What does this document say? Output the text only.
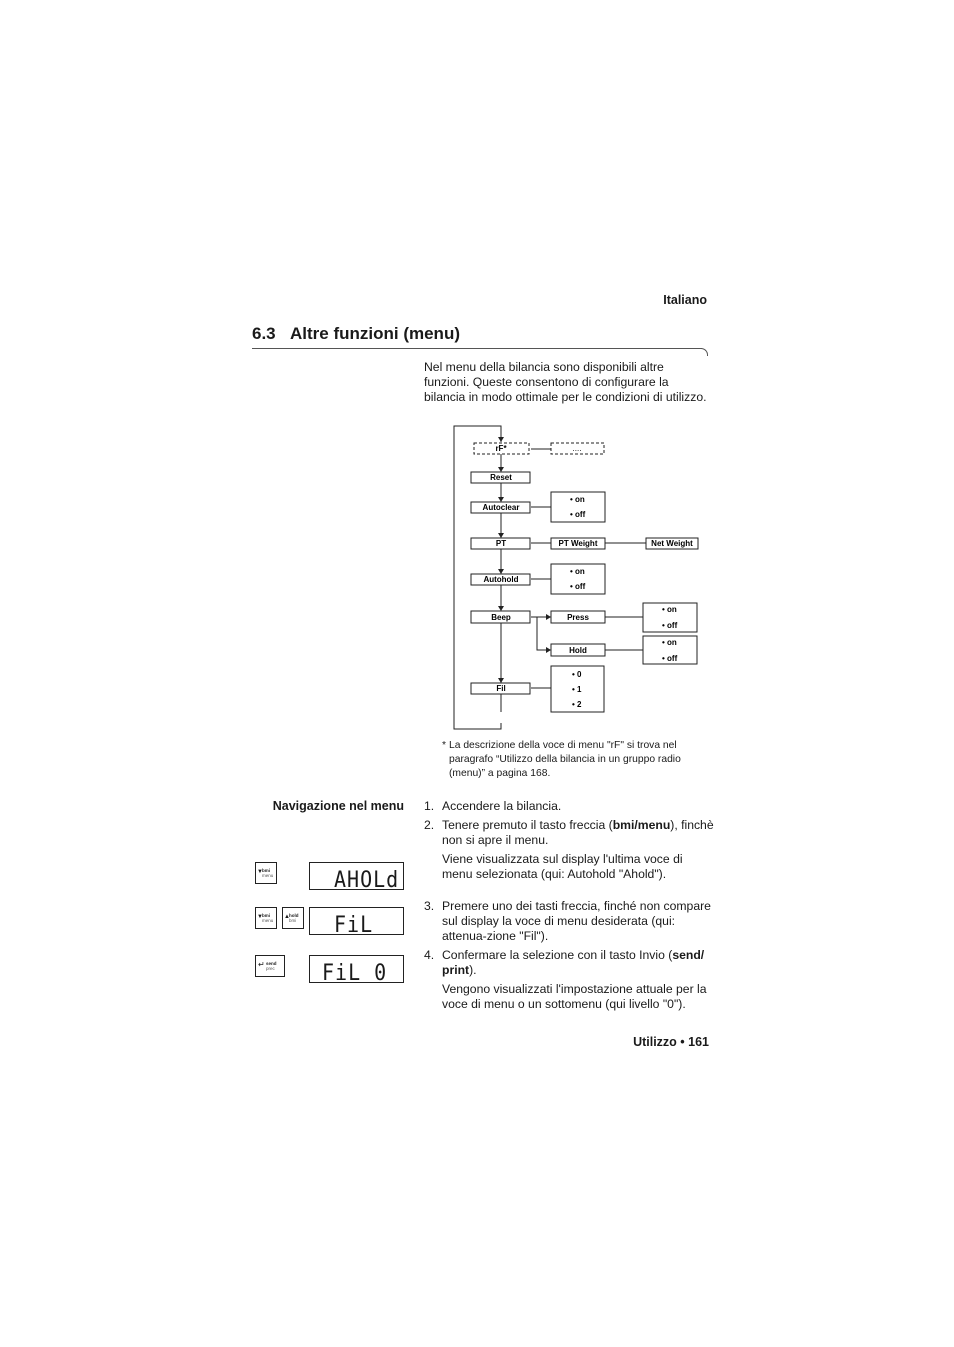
Italiano
6.3 Altre funzioni (menu)

Nel menu della bilancia sono disponibili altre funzioni. Queste consentono di configurare la bilancia in modo ottimale per le condizioni di utilizzo.

rF*	....
Reset
Autoclear
• on
• off
PT	PT Weight	Net Weight
Autohold
• on
• off
Beep	Press
• on
• off
Hold
• on
• off
Fil
• 0
• 1
• 2
* La descrizione della voce di menu "rF" si trova nel paragrafo “Utilizzo della bilancia in un gruppo radio (menu)” a pagina 168.
Navigazione nel menu 1. Accendere la bilancia.

2. Tenere premuto il tasto freccia (bmi/menu), finchè non si apre il menu.

Viene visualizzata sul display l'ultima voce di menu selezionata (qui: Autohold "Ahold").

3. Premere uno dei tasti freccia, finché non compare sul display la voce di menu desiderata (qui: attenua-zione "Fil").

4. Confermare la selezione con il tasto Invio (send/ print).

Vengono visualizzati l'impostazione attuale per la voce di menu o un sottomenu (qui livello "0").

▼ bmi
menu	AHOLd
▼ bmi
menu
▲ hold
bmi FiL
↵ send
prec FiL 0
Utilizzo • 161
